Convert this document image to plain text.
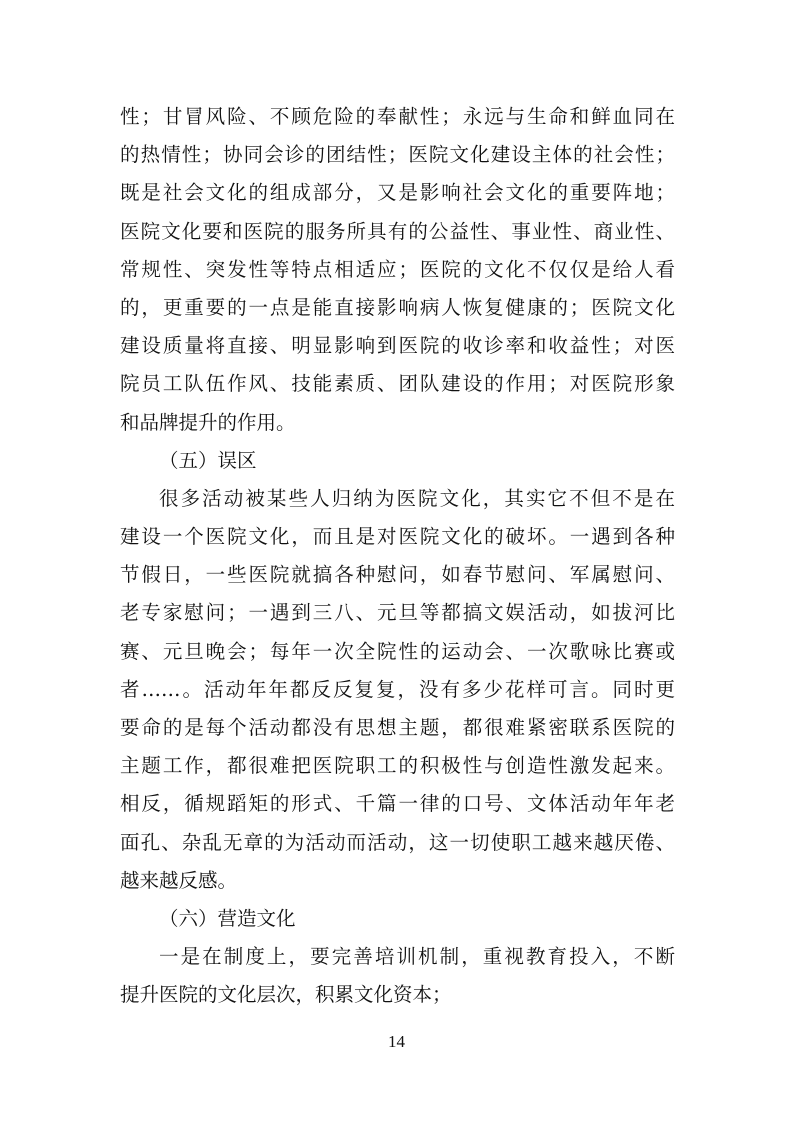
性；甘冒风险、不顾危险的奉献性；永远与生命和鲜血同在
的热情性；协同会诊的团结性；医院文化建设主体的社会性；
既是社会文化的组成部分，又是影响社会文化的重要阵地；
医院文化要和医院的服务所具有的公益性、事业性、商业性、
常规性、突发性等特点相适应；医院的文化不仅仅是给人看
的，更重要的一点是能直接影响病人恢复健康的；医院文化
建设质量将直接、明显影响到医院的收诊率和收益性；对医
院员工队伍作风、技能素质、团队建设的作用；对医院形象
和品牌提升的作用。
（五）误区
很多活动被某些人归纳为医院文化，其实它不但不是在
建设一个医院文化，而且是对医院文化的破坏。一遇到各种
节假日，一些医院就搞各种慰问，如春节慰问、军属慰问、
老专家慰问；一遇到三八、元旦等都搞文娱活动，如拔河比
赛、元旦晚会；每年一次全院性的运动会、一次歌咏比赛或
者……。活动年年都反反复复，没有多少花样可言。同时更
要命的是每个活动都没有思想主题，都很难紧密联系医院的
主题工作，都很难把医院职工的积极性与创造性激发起来。
相反，循规蹈矩的形式、千篇一律的口号、文体活动年年老
面孔、杂乱无章的为活动而活动，这一切使职工越来越厌倦、
越来越反感。
（六）营造文化
一是在制度上，要完善培训机制，重视教育投入，不断
提升医院的文化层次，积累文化资本；
14
